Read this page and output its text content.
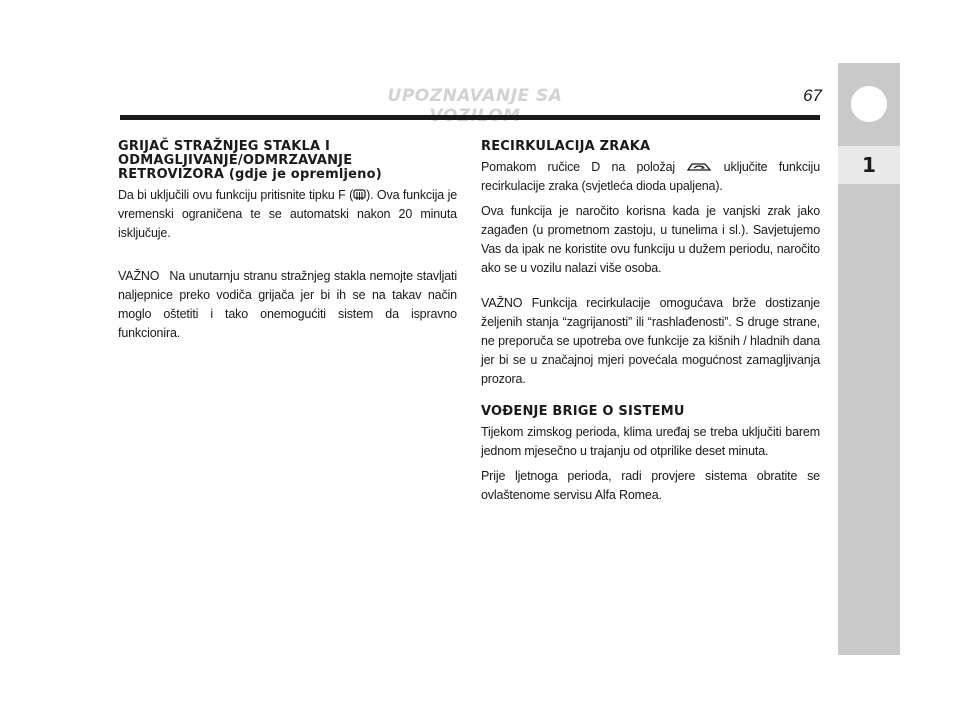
UPOZNAVANJE SA	67
1
GRIJAČ STRAŽNJEG STAKLA I
ODMAGLJIVANJE/ODMRZAVANJE
RETROVIZORA (gdje je opremljeno)

Da bi uključili ovu funkciju pritisnite tipku F ( ). Ova funkcija je vremenski ograničena te se automatski nakon 20 minuta isključuje.

VAŽNO Na unutarnju stranu stražnjeg stakla nemojte stavljati naljepnice preko vodiča grijača jer bi ih se na takav način moglo oštetiti i tako onemogućiti sistem da ispravno funkcionira.

RECIRKULACIJA ZRAKA

Pomakom ručice D na položaj	uključite funkciju recirkulacije zraka (svjetleća dioda upaljena).

Ova funkcija je naročito korisna kada je vanjski zrak jako zagađen (u prometnom zastoju, u tunelima i sl.). Savjetujemo Vas da ipak ne koristite ovu funkciju u dužem periodu, naročito ako se u vozilu nalazi više osoba.

VAŽNO Funkcija recirkulacije omogućava brže dostizanje željenih stanja “zagrijanosti” ili “rashlađenosti”. S druge strane, ne preporuča se upotreba ove funkcije za kišnih / hladnih dana jer bi se u značajnoj mjeri povećala mogućnost zamagljivanja prozora.

VOĐENJE BRIGE O SISTEMU

Tijekom zimskog perioda, klima uređaj se treba uključiti barem jednom mjesečno u trajanju od otprilike deset minuta.

Prije ljetnoga perioda, radi provjere sistema obratite se ovlaštenome servisu Alfa Romea.
